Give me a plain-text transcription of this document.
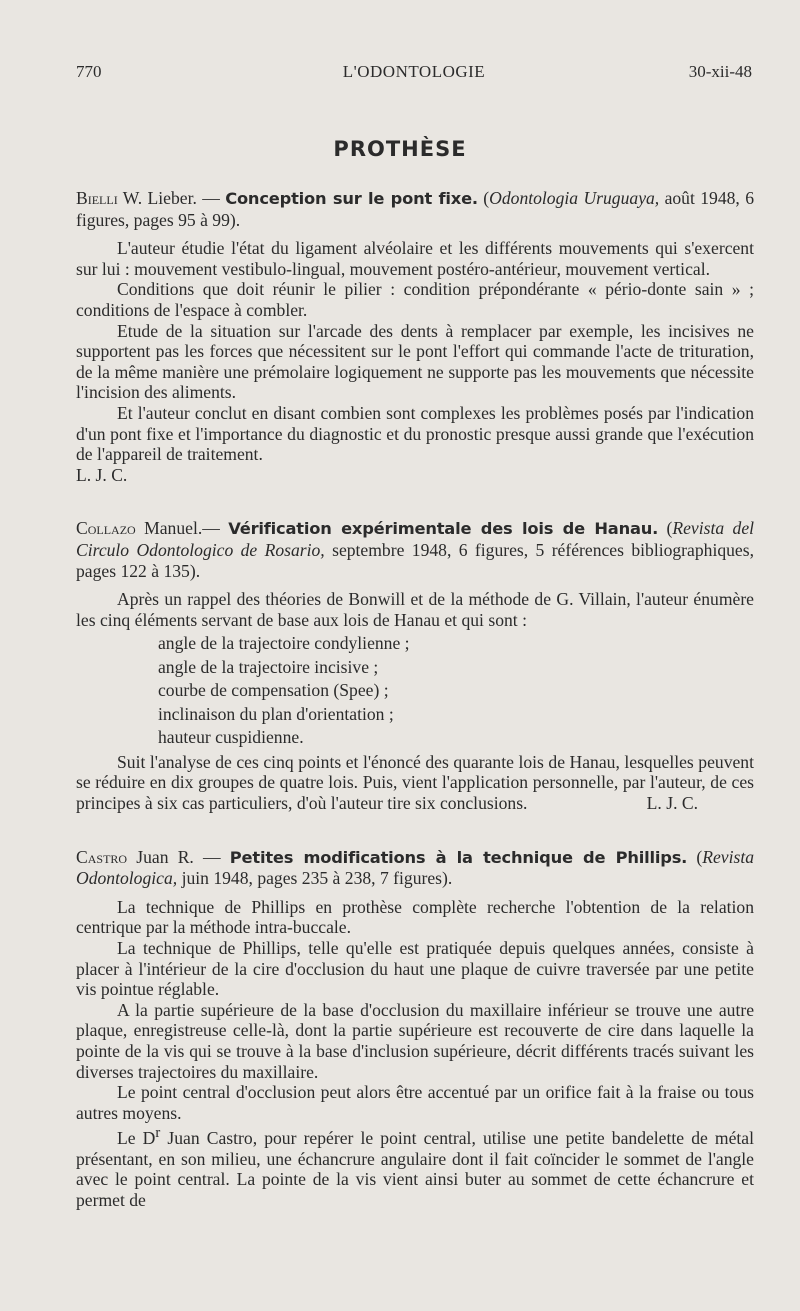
770	L'ODONTOLOGIE	30-xii-48
PROTHÈSE

Bielli W. Lieber. — Conception sur le pont fixe. (Odontologia Uruguaya, août 1948, 6 figures, pages 95 à 99).

L'auteur étudie l'état du ligament alvéolaire et les différents mouvements qui s'exercent sur lui : mouvement vestibulo-lingual, mouvement postéro-antérieur, mouvement vertical.

Conditions que doit réunir le pilier : condition prépondérante « pério-donte sain » ; conditions de l'espace à combler.

Etude de la situation sur l'arcade des dents à remplacer par exemple, les incisives ne supportent pas les forces que nécessitent sur le pont l'effort qui commande l'acte de trituration, de la même manière une prémolaire logiquement ne supporte pas les mouvements que nécessite l'incision des aliments.

Et l'auteur conclut en disant combien sont complexes les problèmes posés par l'indication d'un pont fixe et l'importance du diagnostic et du pronostic presque aussi grande que l'exécution de l'appareil de traitement.

L. J. C.

Collazo Manuel.— Vérification expérimentale des lois de Hanau. (Revista del Circulo Odontologico de Rosario, septembre 1948, 6 figures, 5 références bibliographiques, pages 122 à 135).

Après un rappel des théories de Bonwill et de la méthode de G. Villain, l'auteur énumère les cinq éléments servant de base aux lois de Hanau et qui sont :

angle de la trajectoire condylienne ;
angle de la trajectoire incisive ;
courbe de compensation (Spee) ;
inclinaison du plan d'orientation ;
hauteur cuspidienne.

Suit l'analyse de ces cinq points et l'énoncé des quarante lois de Hanau, lesquelles peuvent se réduire en dix groupes de quatre lois. Puis, vient l'application personnelle, par l'auteur, de ces principes à six cas particuliers, d'où l'auteur tire six conclusions.	L. J. C.

Castro Juan R. — Petites modifications à la technique de Phillips. (Revista Odontologica, juin 1948, pages 235 à 238, 7 figures).

La technique de Phillips en prothèse complète recherche l'obtention de la relation centrique par la méthode intra-buccale.

La technique de Phillips, telle qu'elle est pratiquée depuis quelques années, consiste à placer à l'intérieur de la cire d'occlusion du haut une plaque de cuivre traversée par une petite vis pointue réglable.

A la partie supérieure de la base d'occlusion du maxillaire inférieur se trouve une autre plaque, enregistreuse celle-là, dont la partie supérieure est recouverte de cire dans laquelle la pointe de la vis qui se trouve à la base d'inclusion supérieure, décrit différents tracés suivant les diverses trajectoires du maxillaire.

Le point central d'occlusion peut alors être accentué par un orifice fait à la fraise ou tous autres moyens.

Le $D^r$ Juan Castro, pour repérer le point central, utilise une petite bandelette de métal présentant, en son milieu, une échancrure angulaire dont il fait coïncider le sommet de l'angle avec le point central. La pointe de la vis vient ainsi buter au sommet de cette échancrure et permet de
